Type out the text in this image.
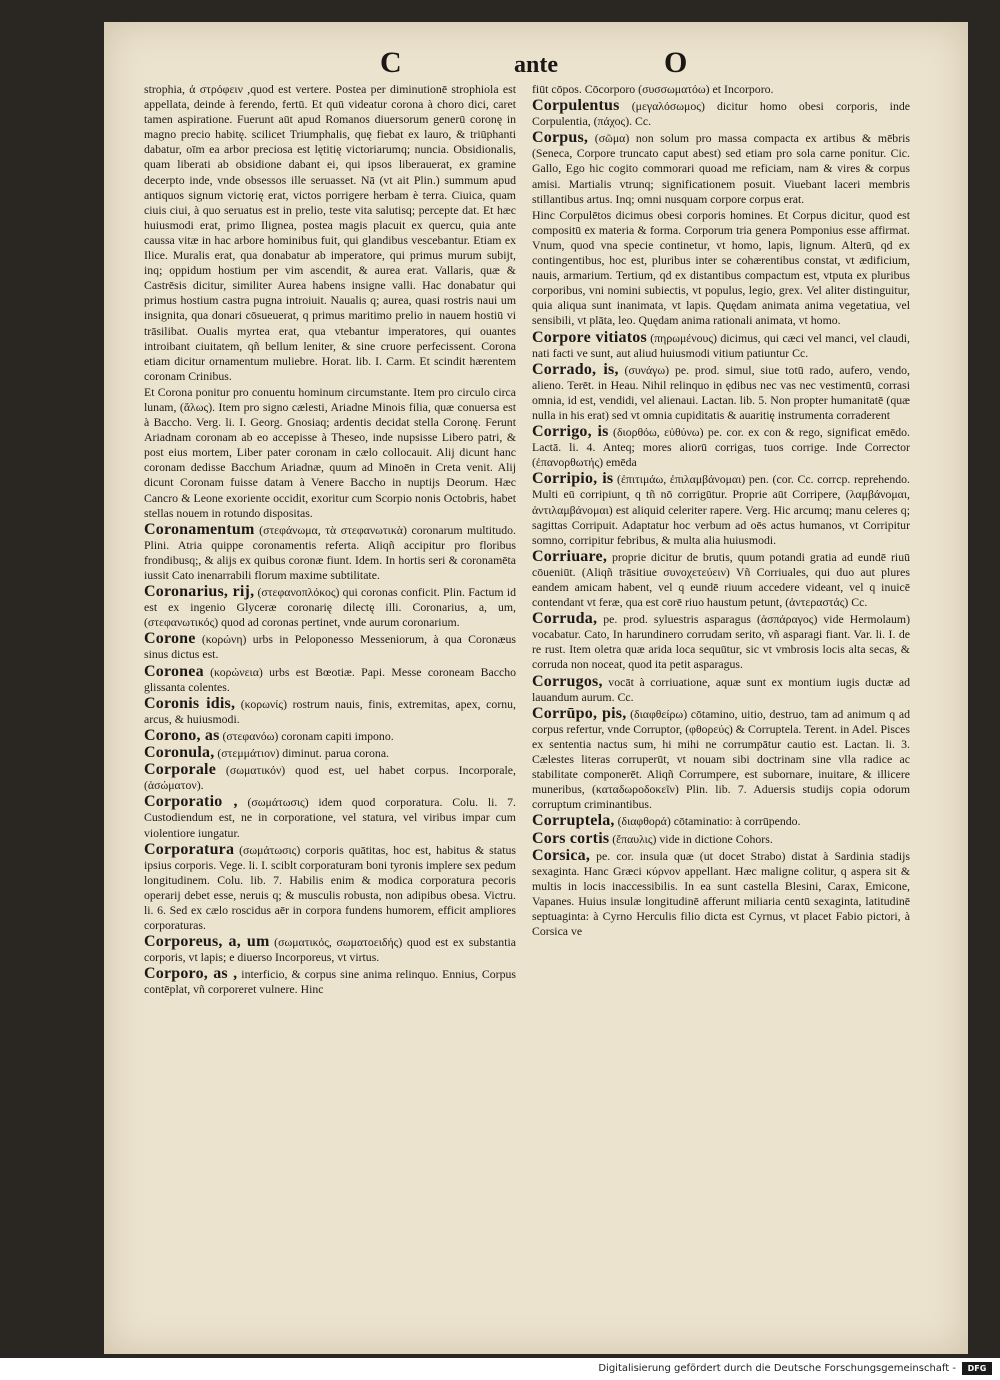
C	ante	O

strophia, ἀ στρόφειν ,quod est vertere. Postea per diminutionē strophiola est appellata, deinde à ferendo, fertū. Et quū videatur corona à choro dici, caret tamen aspiratione. Fuerunt aūt apud Romanos diuersorum generū coronę in magno precio habitę. scilicet Triumphalis, quę fiebat ex lauro, & triūphanti dabatur, oīm ea arbor preciosa est lętitię victoriarumq; nuncia. Obsidionalis, quam liberati ab obsidione dabant ei, qui ipsos liberauerat, ex gramine decerpto inde, vnde obsessos ille seruasset. Nā (vt ait Plin.) summum apud antiquos signum victorię erat, victos porrigere herbam è terra. Ciuica, quam ciuis ciui, à quo seruatus est in prelio, teste vita salutisq; percepte dat. Et hæc huiusmodi erat, primo Ilignea, postea magis placuit ex quercu, quia ante caussa vitæ in hac arbore hominibus fuit, qui glandibus vescebantur. Etiam ex Ilice. Muralis erat, qua donabatur ab imperatore, qui primus murum subijt, inq; oppidum hostium per vim ascendit, & aurea erat. Vallaris, quæ & Castrēsis dicitur, similiter Aurea habens insigne valli. Hac donabatur qui primus hostium castra pugna introiuit. Naualis q; aurea, quasi rostris naui um insignita, qua donari cōsueuerat, q primus maritimo prelio in nauem hostiū vi trāsilibat. Oualis myrtea erat, qua vtebantur imperatores, qui ouantes introibant ciuitatem, qñ bellum leniter, & sine cruore perfecissent. Corona etiam dicitur ornamentum muliebre. Horat. lib. I. Carm. Et scindit hærentem coronam Crinibus.

Et Corona ponitur pro conuentu hominum circumstante. Item pro circulo circa lunam, (ἅλως). Item pro signo cælesti, Ariadne Minois filia, quæ conuersa est à Baccho. Verg. li. I. Georg. Gnosiaq; ardentis decidat stella Coronę. Ferunt Ariadnam coronam ab eo accepisse à Theseo, inde nupsisse Libero patri, & post eius mortem, Liber pater coronam in cælo collocauit. Alij dicunt hanc coronam dedisse Bacchum Ariadnæ, quum ad Minoēn in Creta venit. Alij dicunt Coronam fuisse datam à Venere Baccho in nuptijs Deorum. Hæc Cancro & Leone exoriente occidit, exoritur cum Scorpio nonis Octobris, habet stellas nouem in rotundo dispositas.

Coronamentum (στεφάνωμα, τὰ στεφανωτικὰ) coronarum multitudo. Plini. Atria quippe coronamentis referta. Aliqñ accipitur pro floribus frondibusq;, & alijs ex quibus coronæ fiunt. Idem. In hortis seri & coronamēta iussit Cato inenarrabili florum maxime subtilitate.

Coronarius, rij, (στεφανοπλόκος) qui coronas conficit. Plin. Factum id est ex ingenio Glyceræ coronarię dilectę illi. Coronarius, a, um, (στεφανωτικός) quod ad coronas pertinet, vnde aurum coronarium.

Corone (κορώνη) urbs in Peloponesso Messeniorum, à qua Coronæus sinus dictus est.

Coronea (κορώνεια) urbs est Bœotiæ. Papi. Messe coroneam Baccho glissanta colentes.

Coronis idis, (κορωνίς) rostrum nauis, finis, extremitas, apex, cornu, arcus, & huiusmodi.

Corono, as (στεφανόω) coronam capiti impono.

Coronula, (στεμμάτιον) diminut. parua corona.

Corporale (σωματικόν) quod est, uel habet corpus. Incorporale, (ἀσώματον).

Corporatio , (σωμάτωσις) idem quod corporatura. Colu. li. 7. Custodiendum est, ne in corporatione, vel statura, vel viribus impar cum violentiore iungatur.

Corporatura (σωμάτωσις) corporis quātitas, hoc est, habitus & status ipsius corporis. Vege. li. I. sciblt corporaturam boni tyronis implere sex pedum longitudinem. Colu. lib. 7. Habilis enim & modica corporatura pecoris operarij debet esse, neruis q; & musculis robusta, non adipibus obesa. Victru. li. 6. Sed ex cælo roscidus aēr in corpora fundens humorem, efficit ampliores corporaturas.

Corporeus, a, um (σωματικός, σωματοειδής) quod est ex substantia corporis, vt lapis; e diuerso Incorporeus, vt virtus.

Corporo, as , interficio, & corpus sine anima relinquo. Ennius, Corpus contēplat, vñ corporeret vulnere. Hinc

fiūt cōpos. Cōcorporo (συσσωματόω) et Incorporo.

Corpulentus (μεγαλόσωμος) dicitur homo obesi corporis, inde Corpulentia, (πάχος). Cc.

Corpus, (σῶμα) non solum pro massa compacta ex artibus & mēbris (Seneca, Corpore truncato caput abest) sed etiam pro sola carne ponitur. Cic. Gallo, Ego hic cogito commorari quoad me reficiam, nam & vires & corpus amisi. Martialis vtrunq; significationem posuit. Viuebant laceri membris stillantibus artus. Inq; omni nusquam corpore corpus erat.

Hinc Corpulētos dicimus obesi corporis homines. Et Corpus dicitur, quod est compositū ex materia & forma. Corporum tria genera Pomponius esse affirmat. Vnum, quod vna specie continetur, vt homo, lapis, lignum. Alterū, qd ex contingentibus, hoc est, pluribus inter se cohærentibus constat, vt ædificium, nauis, armarium. Tertium, qd ex distantibus compactum est, vtputa ex pluribus corporibus, vni nomini subiectis, vt populus, legio, grex. Vel aliter distinguitur, quia aliqua sunt inanimata, vt lapis. Quędam animata anima vegetatiua, vel sensibili, vt plāta, leo. Quędam anima rationali animata, vt homo.

Corpore vitiatos (πηρωμένους) dicimus, qui cæci vel manci, vel claudi, nati facti ve sunt, aut aliud huiusmodi vitium patiuntur Cc.

Corrado, is, (συνάγω) pe. prod. simul, siue totū rado, aufero, vendo, alieno. Terēt. in Heau. Nihil relinquo in ędibus nec vas nec vestimentū, corrasi omnia, id est, vendidi, vel alienaui. Lactan. lib. 5. Non propter humanitatē (quæ nulla in his erat) sed vt omnia cupiditatis & auaritię instrumenta corraderent

Corrigo, is (διορθόω, εὐθύνω) pe. cor. ex con & rego, significat emēdo. Lactā. li. 4. Anteq; mores aliorū corrigas, tuos corrige. Inde Corrector (ἐπανορθωτής) emēda

Corripio, is (ἐπιτιμάω, ἐπιλαμβάνομαι) pen. (cor. Cc. corrcp. reprehendo. Multi eū corripiunt, q tñ nō corrigūtur. Proprie aūt Corripere, (λαμβάνομαι, ἀντιλαμβάνομαι) est aliquid celeriter rapere. Verg. Hic arcumq; manu celeres q; sagittas Corripuit. Adaptatur hoc verbum ad oēs actus humanos, vt Corripitur somno, corripitur febribus, & multa alia huiusmodi.

Corriuare, proprie dicitur de brutis, quum potandi gratia ad eundē riuū cōueniūt. (Aliqñ trāsitiue συνοχετεύειν) Vñ Corriuales, qui duo aut plures eandem amicam habent, vel q eundē riuum accedere videant, vel q inuicē contendant vt feræ, qua est corē riuo haustum petunt, (ἀντεραστάς) Cc.

Corruda, pe. prod. syluestris asparagus (ἀσπάραγος) vide Hermolaum) vocabatur. Cato, In harundinero corrudam serito, vñ asparagi fiant. Var. li. I. de re rust. Item oletra quæ arida loca sequūtur, sic vt vmbrosis locis alta secas, & corruda non noceat, quod ita petit asparagus.

Corrugos, vocāt à corriuatione, aquæ sunt ex montium iugis ductæ ad lauandum aurum. Cc.

Corrūpo, pis, (διαφθείρω) cōtamino, uitio, destruo, tam ad animum q ad corpus refertur, vnde Corruptor, (φθορεύς) & Corruptela. Terent. in Adel. Pisces ex sententia nactus sum, hi mihi ne corrumpātur cautio est. Lactan. li. 3. Cælestes literas corruperūt, vt nouam sibi doctrinam sine vlla radice ac stabilitate componerēt. Aliqñ Corrumpere, est subornare, inuitare, & illicere muneribus, (καταδωροδοκεῖν) Plin. lib. 7. Aduersis studijs copia odorum corruptum criminantibus.

Corruptela, (διαφθορά) cōtaminatio: à corrūpendo.

Cors cortis (ἔπαυλις) vide in dictione Cohors.

Corsica, pe. cor. insula quæ (ut docet Strabo) distat à Sardinia stadijs sexaginta. Hanc Græci κύρνον appellant. Hæc maligne colitur, q aspera sit & multis in locis inaccessibilis. In ea sunt castella Blesini, Carax, Emicone, Vapanes. Huius insulæ longitudinē afferunt miliaria centū sexaginta, latitudinē septuaginta: à Cyrno Herculis filio dicta est Cyrnus, vt placet Fabio pictori, à Corsica ve

Digitalisierung gefördert durch die Deutsche Forschungsgemeinschaft -	DFG
